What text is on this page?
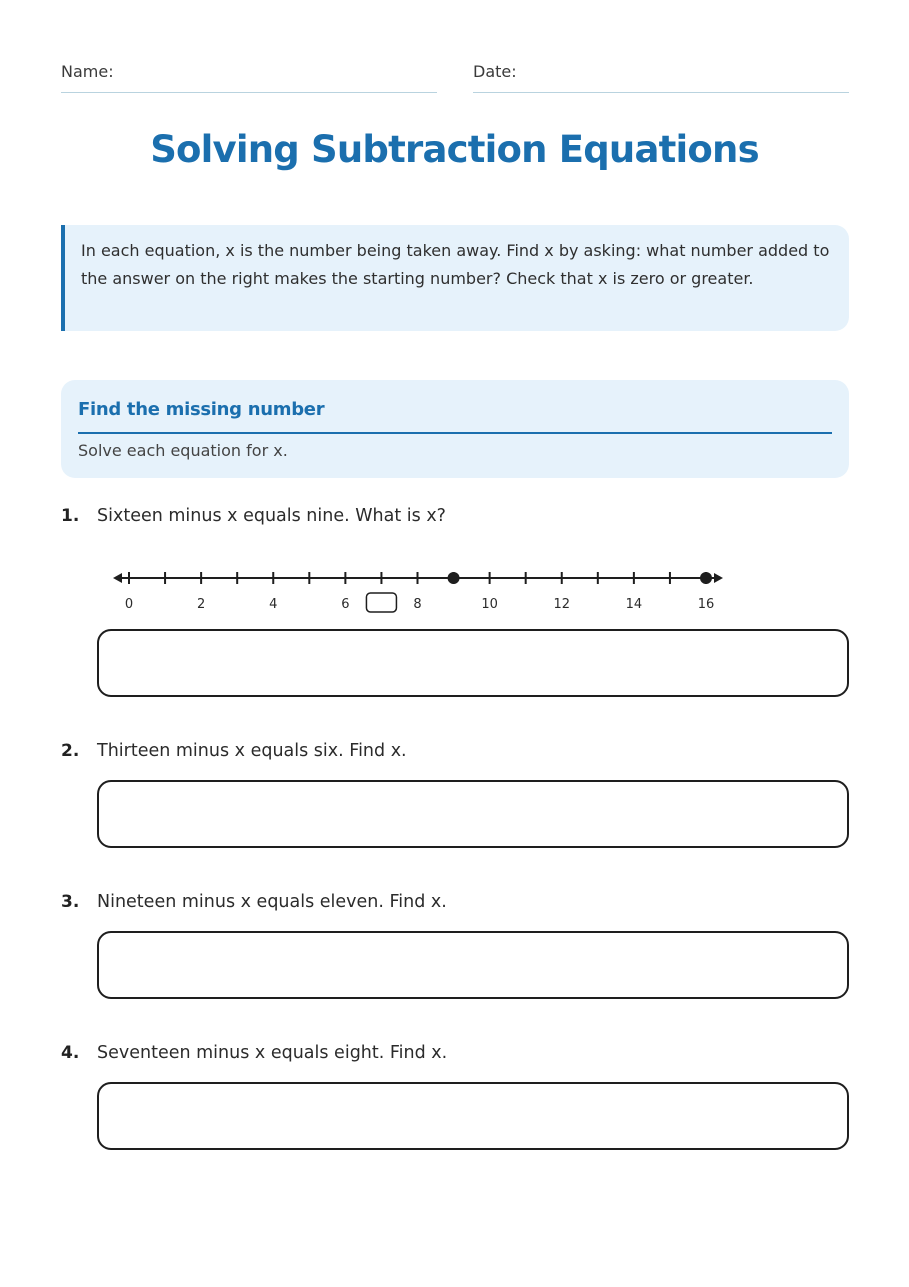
Name:	Date:
Solving Subtraction Equations
In each equation, x is the number being taken away. Find x by asking: what number added to the answer on the right makes the starting number? Check that x is zero or greater.
Find the missing number
Solve each equation for x.
1. Sixteen minus x equals nine. What is x?
0	2	4	6	8	10	12	14	16
2. Thirteen minus x equals six. Find x.
3. Nineteen minus x equals eleven. Find x.
4. Seventeen minus x equals eight. Find x.
